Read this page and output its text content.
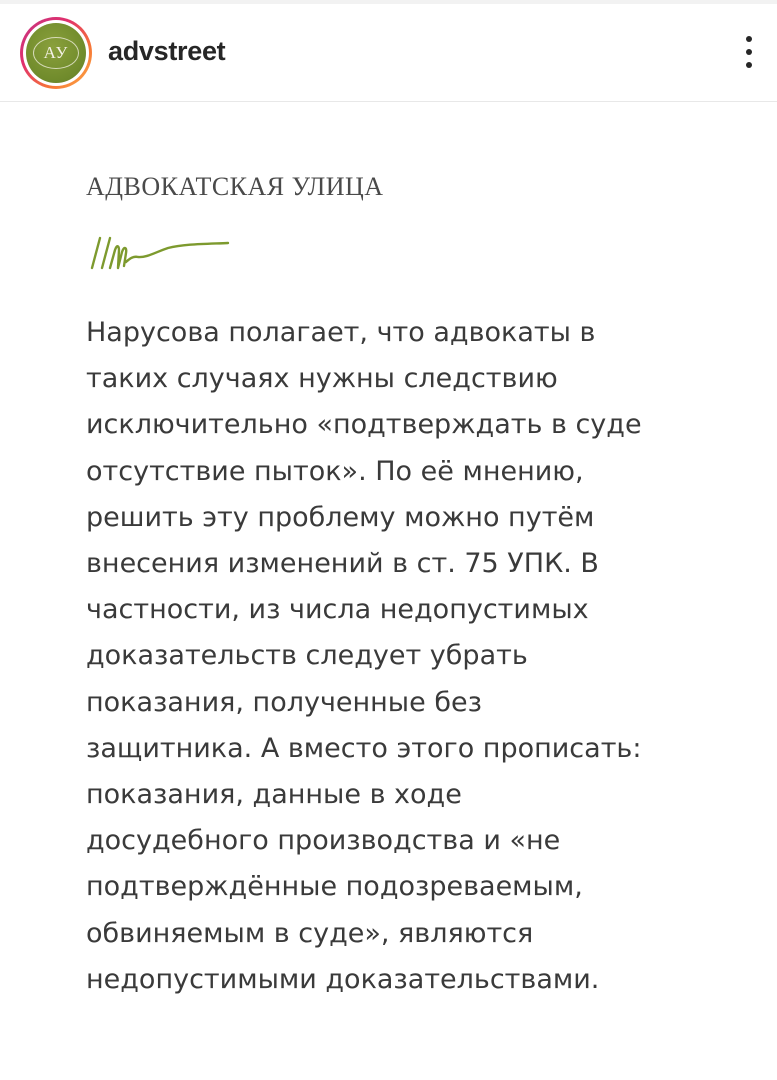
АУ	advstreet
АДВОКАТСКАЯ УЛИЦА
Нарусова полагает, что адвокаты в
таких случаях нужны следствию
исключительно «подтверждать в суде
отсутствие пыток». По её мнению,
решить эту проблему можно путём
внесения изменений в ст. 75 УПК. В
частности, из числа недопустимых
доказательств следует убрать
показания, полученные без
защитника. А вместо этого прописать:
показания, данные в ходе
досудебного производства и «не
подтверждённые подозреваемым,
обвиняемым в суде», являются
недопустимыми доказательствами.
